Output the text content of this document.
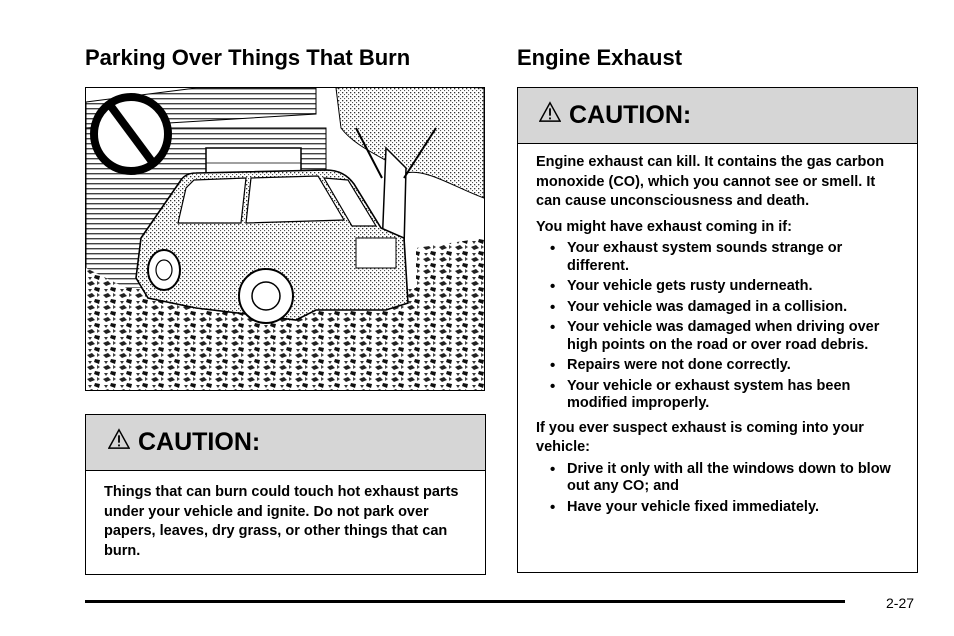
Parking Over Things That Burn	Engine Exhaust
CAUTION:

Things that can burn could touch hot exhaust parts under your vehicle and ignite. Do not park over papers, leaves, dry grass, or other things that can burn.

CAUTION:

Engine exhaust can kill. It contains the gas carbon monoxide (CO), which you cannot see or smell. It can cause unconsciousness and death.

You might have exhaust coming in if:

• Your exhaust system sounds strange or different.
• Your vehicle gets rusty underneath.
• Your vehicle was damaged in a collision.
• Your vehicle was damaged when driving over high points on the road or over road debris.
• Repairs were not done correctly.
• Your vehicle or exhaust system has been modified improperly.

If you ever suspect exhaust is coming into your vehicle:

• Drive it only with all the windows down to blow out any CO; and
• Have your vehicle fixed immediately.
2-27
